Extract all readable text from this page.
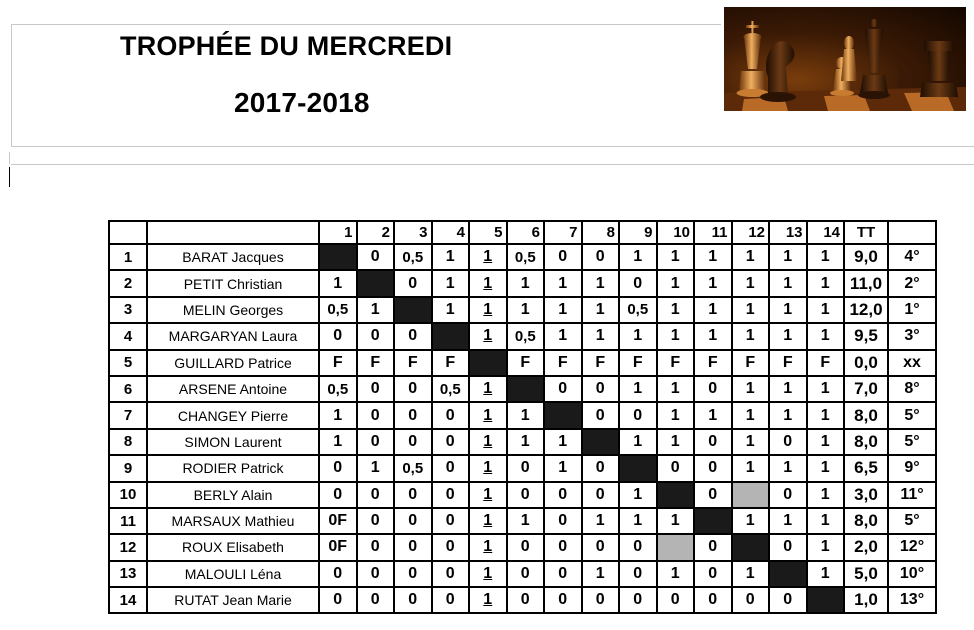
TROPHÉE DU MERCREDI
2017-2018
		1	2	3	4	5	6	7	8	9	10	11	12	13	14	TT	
1	BARAT Jacques		0	0,5	1	1	0,5	0	0	1	1	1	1	1	1	9,0	4°
2	PETIT Christian	1		0	1	1	1	1	1	0	1	1	1	1	1	11,0	2°
3	MELIN Georges	0,5	1		1	1	1	1	1	0,5	1	1	1	1	1	12,0	1°
4	MARGARYAN Laura	0	0	0		1	0,5	1	1	1	1	1	1	1	1	9,5	3°
5	GUILLARD Patrice	F	F	F	F		F	F	F	F	F	F	F	F	F	0,0	xx
6	ARSENE Antoine	0,5	0	0	0,5	1		0	0	1	1	0	1	1	1	7,0	8°
7	CHANGEY Pierre	1	0	0	0	1	1		0	0	1	1	1	1	1	8,0	5°
8	SIMON Laurent	1	0	0	0	1	1	1		1	1	0	1	0	1	8,0	5°
9	RODIER Patrick	0	1	0,5	0	1	0	1	0		0	0	1	1	1	6,5	9°
10	BERLY Alain	0	0	0	0	1	0	0	0	1		0		0	1	3,0	11°
11	MARSAUX Mathieu	0F	0	0	0	1	1	0	1	1	1		1	1	1	8,0	5°
12	ROUX Elisabeth	0F	0	0	0	1	0	0	0	0		0		0	1	2,0	12°
13	MALOULI Léna	0	0	0	0	1	0	0	1	0	1	0	1		1	5,0	10°
14	RUTAT Jean Marie	0	0	0	0	1	0	0	0	0	0	0	0	0		1,0	13°
